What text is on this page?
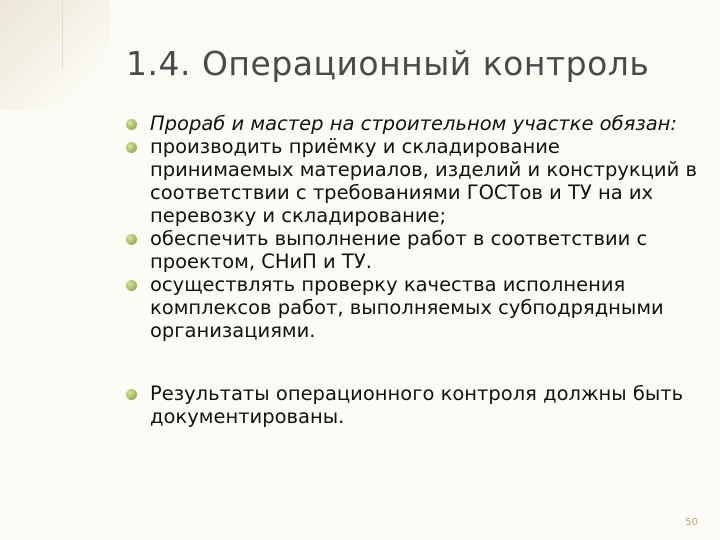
1.4. Операционный контроль
Прораб и мастер на строительном участке обязан:
производить приёмку и складирование принимаемых материалов, изделий и конструкций в соответствии с требованиями ГОСТов и ТУ на их перевозку и складирование;
обеспечить выполнение работ в соответствии с проектом, СНиП и ТУ.
осуществлять проверку качества исполнения комплексов работ, выполняемых субподрядными организациями.
Результаты операционного контроля должны быть документированы.
50
